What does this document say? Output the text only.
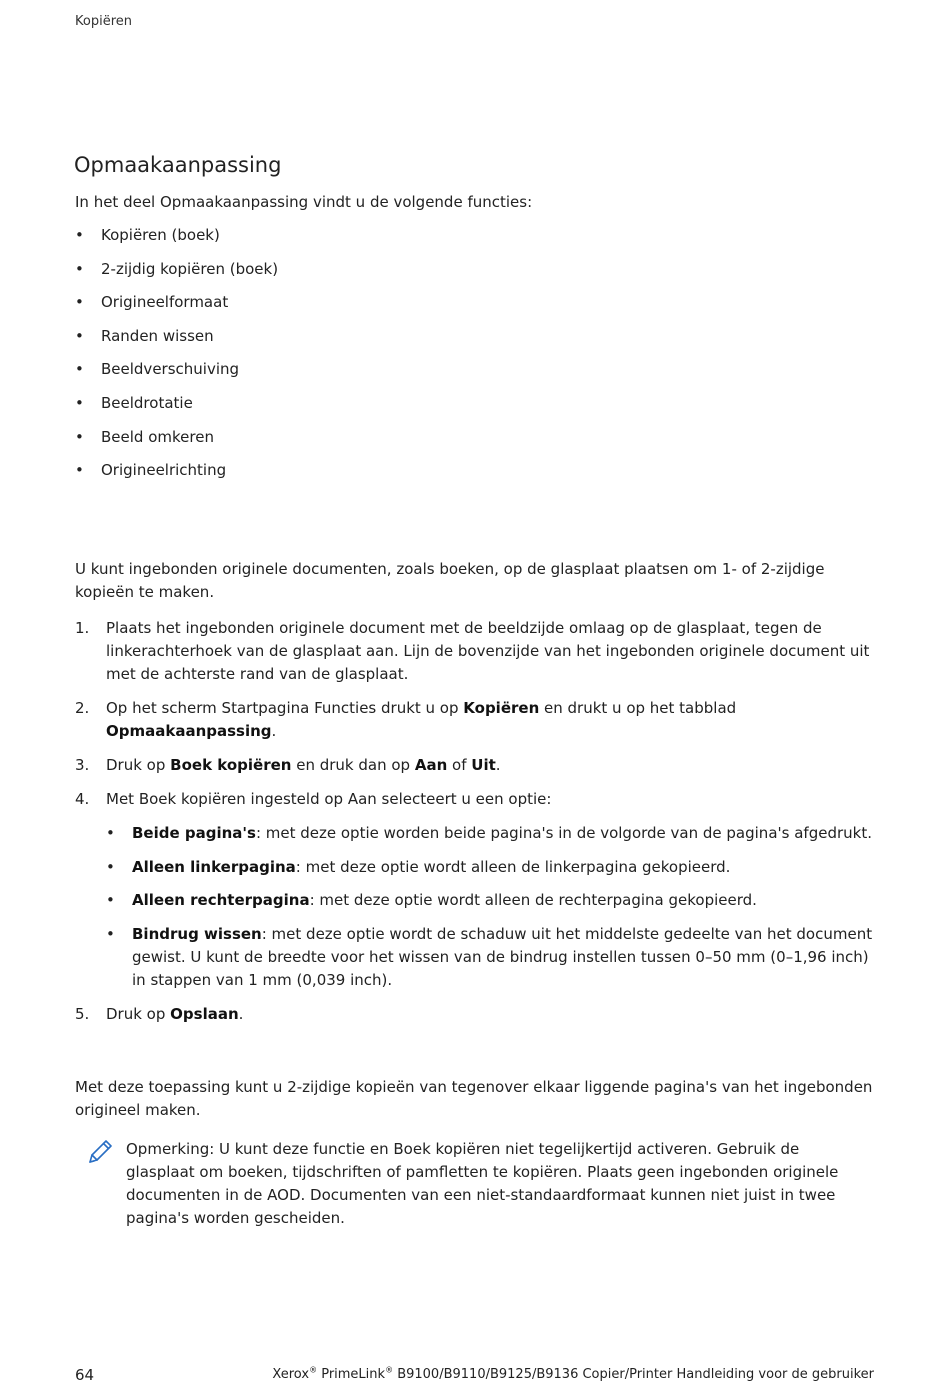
Kopiëren
Opmaakaanpassing

In het deel Opmaakaanpassing vindt u de volgende functies:

• Kopiëren (boek)
• 2-zijdig kopiëren (boek)
• Origineelformaat
• Randen wissen
• Beeldverschuiving
• Beeldrotatie
• Beeld omkeren
• Origineelrichting

U kunt ingebonden originele documenten, zoals boeken, op de glasplaat plaatsen om 1- of 2-zijdige kopieën te maken.

1. Plaats het ingebonden originele document met de beeldzijde omlaag op de glasplaat, tegen de linkerachterhoek van de glasplaat aan. Lijn de bovenzijde van het ingebonden originele document uit met de achterste rand van de glasplaat.
2. Op het scherm Startpagina Functies drukt u op Kopiëren en drukt u op het tabblad Opmaakaanpassing.
3. Druk op Boek kopiëren en druk dan op Aan of Uit.
4. Met Boek kopiëren ingesteld op Aan selecteert u een optie:
• Beide pagina's: met deze optie worden beide pagina's in de volgorde van de pagina's afgedrukt.
• Alleen linkerpagina: met deze optie wordt alleen de linkerpagina gekopieerd.
• Alleen rechterpagina: met deze optie wordt alleen de rechterpagina gekopieerd.
• Bindrug wissen: met deze optie wordt de schaduw uit het middelste gedeelte van het document gewist. U kunt de breedte voor het wissen van de bindrug instellen tussen 0–50 mm (0–1,96 inch) in stappen van 1 mm (0,039 inch).
5. Druk op Opslaan.

Met deze toepassing kunt u 2-zijdige kopieën van tegenover elkaar liggende pagina's van het ingebonden origineel maken.

Opmerking: U kunt deze functie en Boek kopiëren niet tegelijkertijd activeren. Gebruik de glasplaat om boeken, tijdschriften of pamfletten te kopiëren. Plaats geen ingebonden originele documenten in de AOD. Documenten van een niet-standaardformaat kunnen niet juist in twee pagina's worden gescheiden.

64	Xerox® PrimeLink® B9100/B9110/B9125/B9136 Copier/Printer Handleiding voor de gebruiker
